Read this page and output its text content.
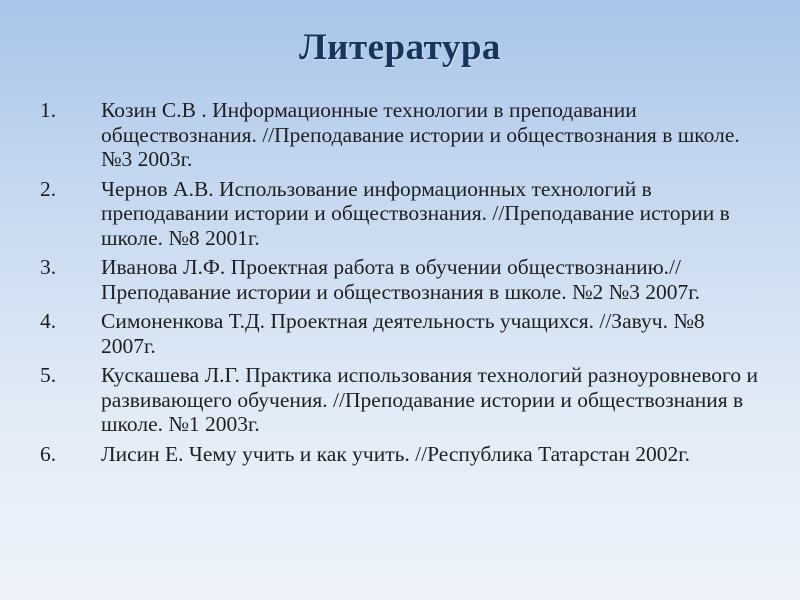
Литература
1.	Козин С.В . Информационные технологии в преподавании обществознания. //Преподавание истории и обществознания в школе. №3 2003г.
2.	Чернов А.В. Использование информационных технологий в преподавании истории и обществознания. //Преподавание истории в школе. №8 2001г.
3.	Иванова Л.Ф. Проектная работа в обучении обществознанию.//Преподавание истории и обществознания в школе. №2 №3 2007г.
4.	Симоненкова Т.Д. Проектная деятельность учащихся. //Завуч. №8 2007г.
5.	Кускашева Л.Г. Практика использования технологий разноуровневого и развивающего обучения. //Преподавание истории и обществознания в школе. №1 2003г.
6.	Лисин Е. Чему учить и как учить. //Республика Татарстан 2002г.
